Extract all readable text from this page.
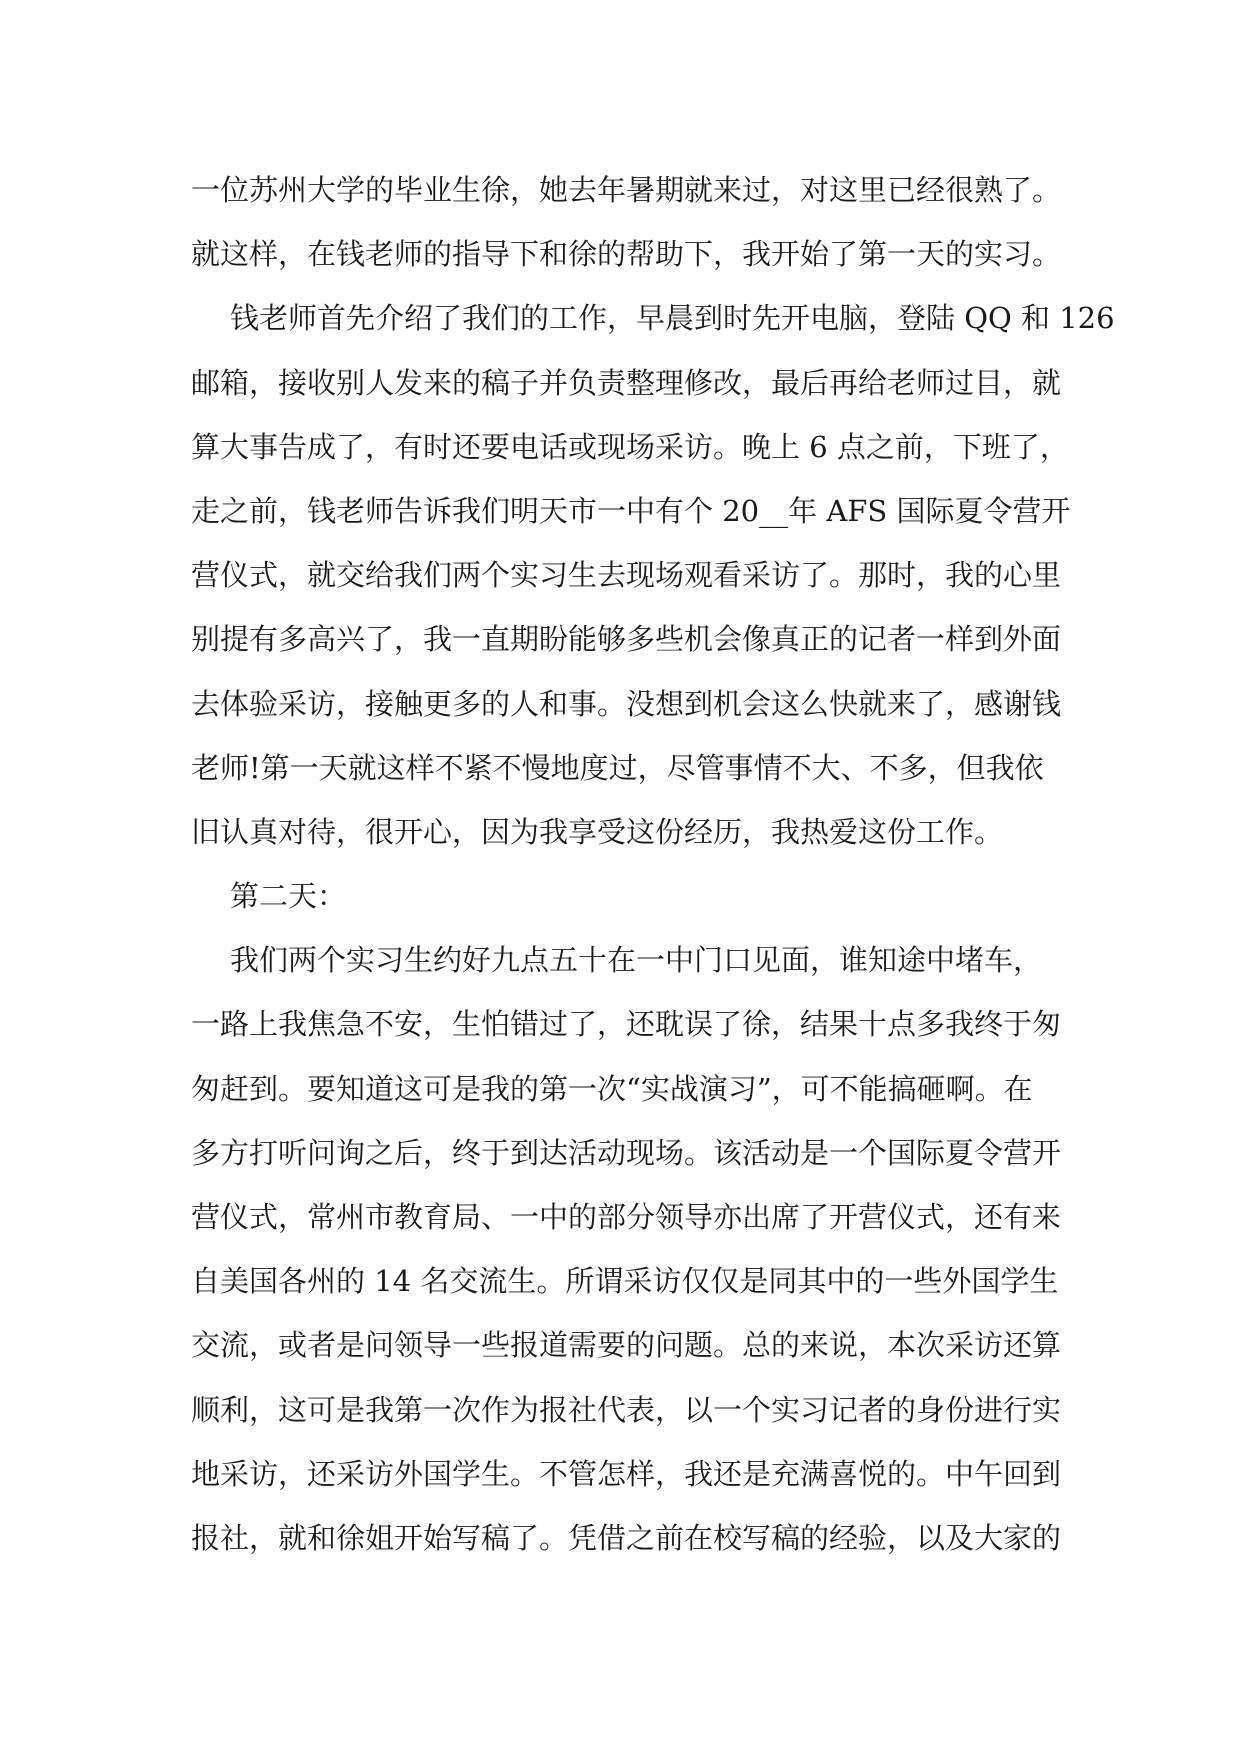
一位苏州大学的毕业生徐，她去年暑期就来过，对这里已经很熟了。
就这样，在钱老师的指导下和徐的帮助下，我开始了第一天的实习。
钱老师首先介绍了我们的工作，早晨到时先开电脑，登陆 QQ 和 126
邮箱，接收别人发来的稿子并负责整理修改，最后再给老师过目，就
算大事告成了，有时还要电话或现场采访。晚上 6 点之前，下班了，
走之前，钱老师告诉我们明天市一中有个 20__年 AFS 国际夏令营开
营仪式，就交给我们两个实习生去现场观看采访了。那时，我的心里
别提有多高兴了，我一直期盼能够多些机会像真正的记者一样到外面
去体验采访，接触更多的人和事。没想到机会这么快就来了，感谢钱
老师!第一天就这样不紧不慢地度过，尽管事情不大、不多，但我依
旧认真对待，很开心，因为我享受这份经历，我热爱这份工作。
第二天：
我们两个实习生约好九点五十在一中门口见面，谁知途中堵车，
一路上我焦急不安，生怕错过了，还耽误了徐，结果十点多我终于匆
匆赶到。要知道这可是我的第一次“实战演习”，可不能搞砸啊。在
多方打听问询之后，终于到达活动现场。该活动是一个国际夏令营开
营仪式，常州市教育局、一中的部分领导亦出席了开营仪式，还有来
自美国各州的 14 名交流生。所谓采访仅仅是同其中的一些外国学生
交流，或者是问领导一些报道需要的问题。总的来说，本次采访还算
顺利，这可是我第一次作为报社代表，以一个实习记者的身份进行实
地采访，还采访外国学生。不管怎样，我还是充满喜悦的。中午回到
报社，就和徐姐开始写稿了。凭借之前在校写稿的经验，以及大家的
